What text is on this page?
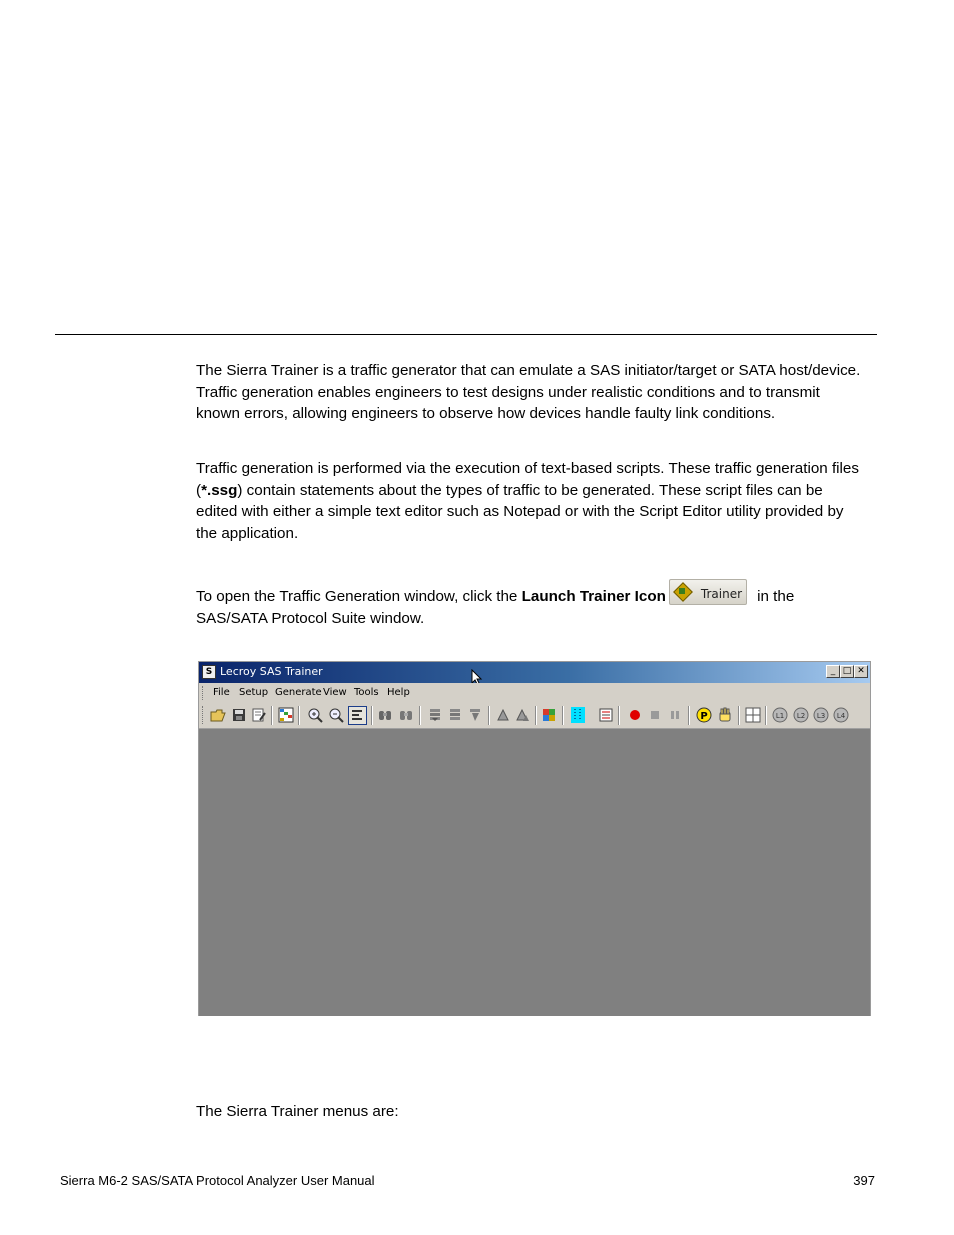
The Sierra Trainer is a traffic generator that can emulate a SAS initiator/target or SATA host/device. Traffic generation enables engineers to test designs under realistic conditions and to transmit known errors, allowing engineers to observe how devices handle faulty link conditions.

Traffic generation is performed via the execution of text-based scripts. These traffic generation files (*.ssg) contain statements about the types of traffic to be generated. These script files can be edited with either a simple text editor such as Notepad or with the Script Editor utility provided by the application.

To open the Traffic Generation window, click the Launch Trainer Icon	Trainer in the SAS/SATA Protocol Suite window.

S Lecroy SAS Trainer	_ □ ✕
File Setup Generate View Tools Help
P	L1 L2 L3 L4

The Sierra Trainer menus are:

Sierra M6-2 SAS/SATA Protocol Analyzer User Manual	397
